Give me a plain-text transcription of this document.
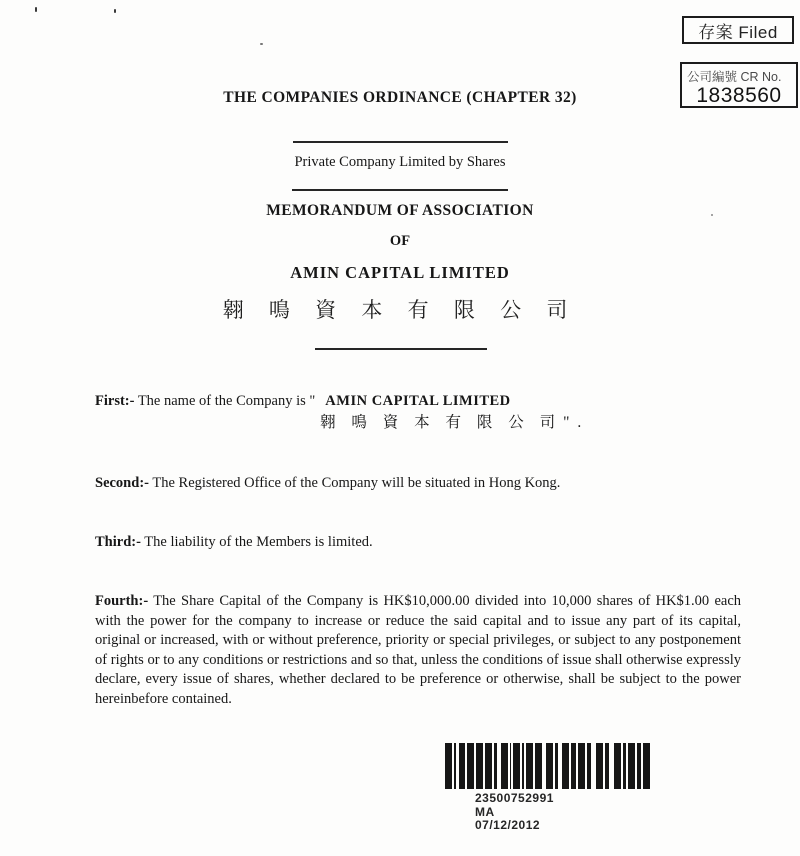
存案 Filed
公司編號 CR No.
1838560
THE COMPANIES ORDINANCE (CHAPTER 32)
Private Company Limited by Shares
MEMORANDUM OF ASSOCIATION
OF
AMIN CAPITAL LIMITED
翱 鳴 資 本 有 限 公 司
First:- The name of the Company is " AMIN CAPITAL LIMITED
翱 鳴 資 本 有 限 公 司 " .
Second:- The Registered Office of the Company will be situated in Hong Kong.
Third:- The liability of the Members is limited.
Fourth:- The Share Capital of the Company is HK$10,000.00 divided into 10,000 shares of HK$1.00 each with the power for the company to increase or reduce the said capital and to issue any part of its capital, original or increased, with or without preference, priority or special privileges, or subject to any postponement of rights or to any conditions or restrictions and so that, unless the conditions of issue shall otherwise expressly declare, every issue of shares, whether declared to be preference or otherwise, shall be subject to the power hereinbefore contained.
23500752991
MA
07/12/2012
